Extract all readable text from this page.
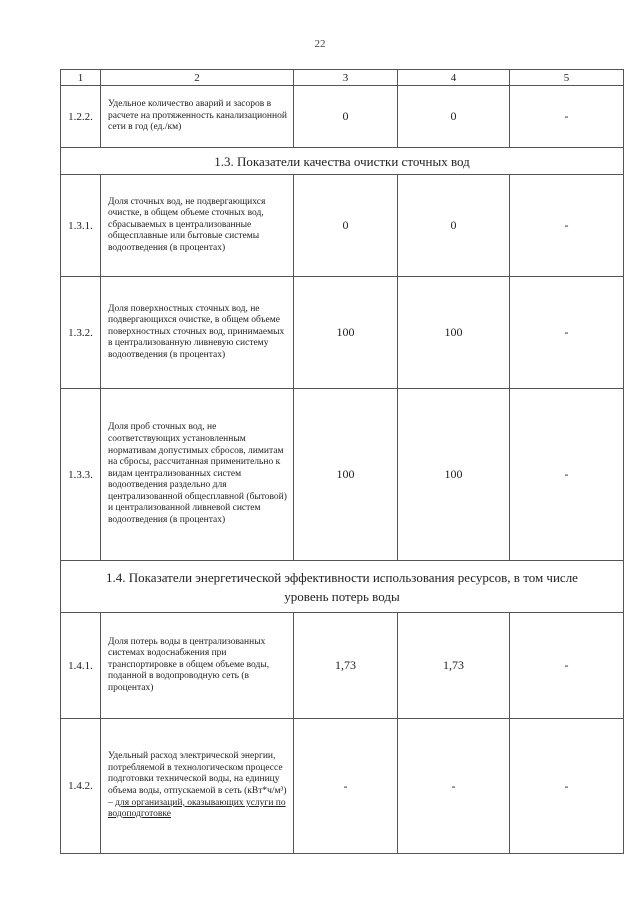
22
1	2	3	4	5
1.2.2.	Удельное количество аварий и засоров в расчете на протяженность канализационной сети в год (ед./км)	0	0	-
1.3. Показатели качества очистки сточных вод				
1.3.1.	Доля сточных вод, не подвергающихся очистке, в общем объеме сточных вод, сбрасываемых в централизованные общесплавные или бытовые системы водоотведения (в процентах)	0	0	-
1.3.2.	Доля поверхностных сточных вод, не подвергающихся очистке, в общем объеме поверхностных сточных вод, принимаемых в централизованную ливневую систему водоотведения (в процентах)	100	100	-
1.3.3.	Доля проб сточных вод, не соответствующих установленным нормативам допустимых сбросов, лимитам на сбросы, рассчитанная применительно к видам централизованных систем водоотведения раздельно для централизованной общесплавной (бытовой) и централизованной ливневой систем водоотведения (в процентах)	100	100	-
1.4. Показатели энергетической эффективности использования ресурсов, в том числе уровень потерь воды				
1.4.1.	Доля потерь воды в централизованных системах водоснабжения при транспортировке в общем объеме воды, поданной в водопроводную сеть (в процентах)	1,73	1,73	-
1.4.2.	Удельный расход электрической энергии, потребляемой в технологическом процессе подготовки технической воды, на единицу объема воды, отпускаемой в сеть (кВт*ч/м³) – для организаций, оказывающих услуги по водоподготовке	-	-	-
